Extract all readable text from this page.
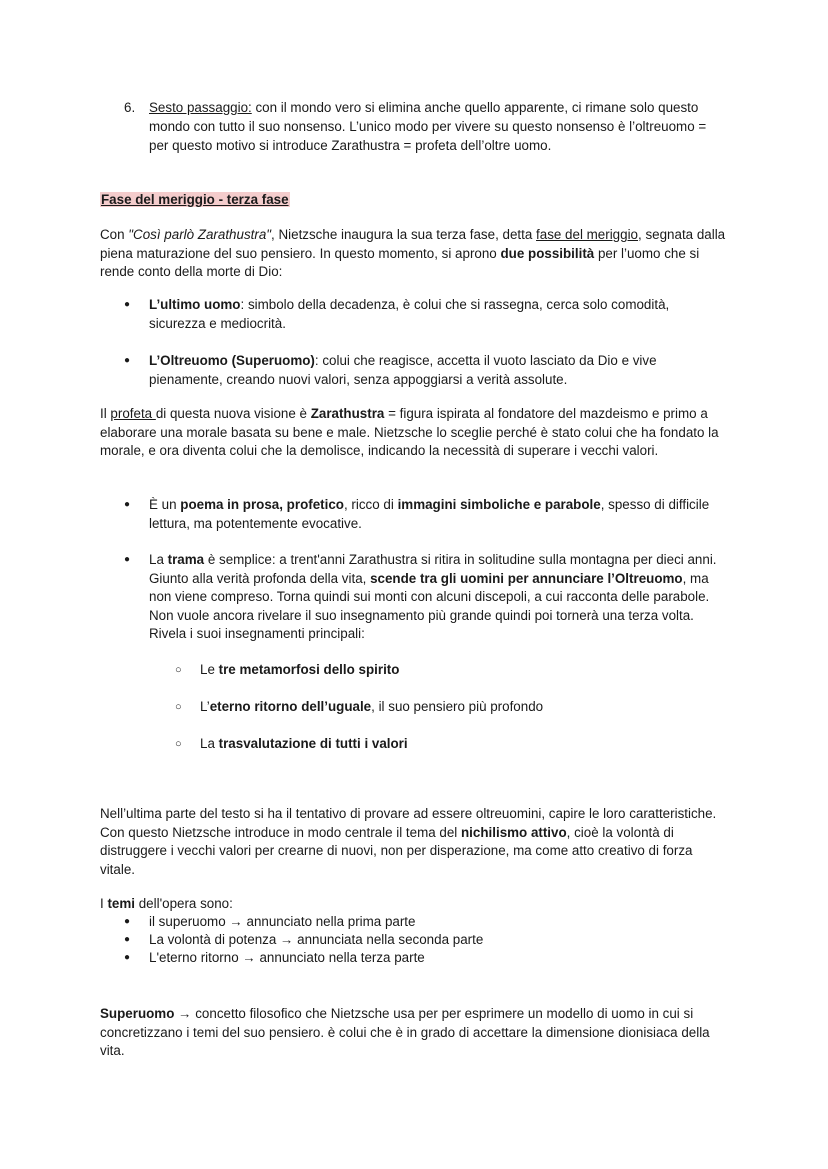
6. Sesto passaggio: con il mondo vero si elimina anche quello apparente, ci rimane solo questo mondo con tutto il suo nonsenso. L’unico modo per vivere su questo nonsenso è l’oltreuomo = per questo motivo si introduce Zarathustra = profeta dell’oltre uomo.
Fase del meriggio - terza fase
Con "Così parlò Zarathustra", Nietzsche inaugura la sua terza fase, detta fase del meriggio, segnata dalla piena maturazione del suo pensiero. In questo momento, si aprono due possibilità per l’uomo che si rende conto della morte di Dio:
● L’ultimo uomo: simbolo della decadenza, è colui che si rassegna, cerca solo comodità, sicurezza e mediocrità.
● L’Oltreuomo (Superuomo): colui che reagisce, accetta il vuoto lasciato da Dio e vive pienamente, creando nuovi valori, senza appoggiarsi a verità assolute.
Il profeta di questa nuova visione è Zarathustra = figura ispirata al fondatore del mazdeismo e primo a elaborare una morale basata su bene e male. Nietzsche lo sceglie perché è stato colui che ha fondato la morale, e ora diventa colui che la demolisce, indicando la necessità di superare i vecchi valori.
● È un poema in prosa, profetico, ricco di immagini simboliche e parabole, spesso di difficile lettura, ma potentemente evocative.
● La trama è semplice: a trent'anni Zarathustra si ritira in solitudine sulla montagna per dieci anni. Giunto alla verità profonda della vita, scende tra gli uomini per annunciare l’Oltreuomo, ma non viene compreso. Torna quindi sui monti con alcuni discepoli, a cui racconta delle parabole. Non vuole ancora rivelare il suo insegnamento più grande quindi poi tornerà una terza volta. Rivela i suoi insegnamenti principali:
○ Le tre metamorfosi dello spirito
○ L’eterno ritorno dell’uguale, il suo pensiero più profondo
○ La trasvalutazione di tutti i valori
Nell’ultima parte del testo si ha il tentativo di provare ad essere oltreuomini, capire le loro caratteristiche. Con questo Nietzsche introduce in modo centrale il tema del nichilismo attivo, cioè la volontà di distruggere i vecchi valori per crearne di nuovi, non per disperazione, ma come atto creativo di forza vitale.
I temi dell'opera sono:
● il superuomo → annunciato nella prima parte
● La volontà di potenza → annunciata nella seconda parte
● L'eterno ritorno → annunciato nella terza parte
Superuomo → concetto filosofico che Nietzsche usa per per esprimere un modello di uomo in cui si concretizzano i temi del suo pensiero. è colui che è in grado di accettare la dimensione dionisiaca della vita.
